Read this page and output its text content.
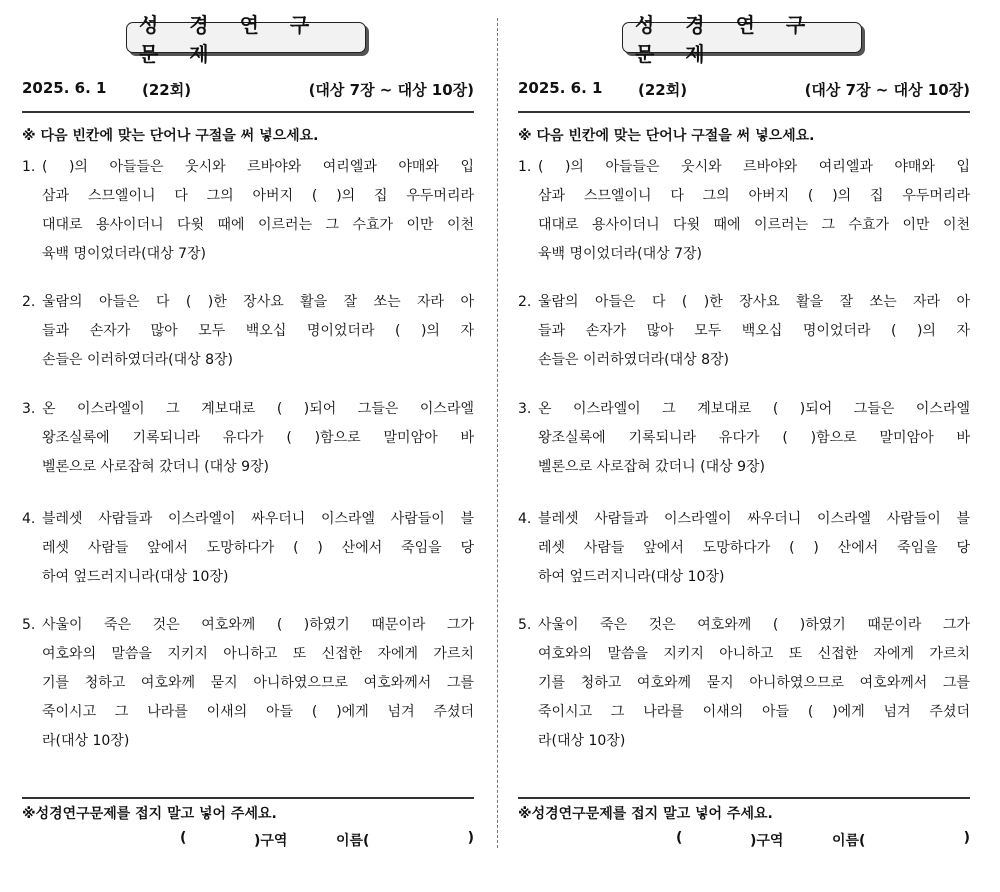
성 경 연 구 문 제
2025. 6. 1 (22회)	(대상 7장 ~ 대상 10장)
※ 다음 빈칸에 맞는 단어나 구절을 써 넣으세요.
1. ( )의 아들들은 웃시와 르바야와 여리엘과 야매와 입
삼과 스므엘이니 다 그의 아버지 ( )의 집 우두머리라
대대로 용사이더니 다윗 때에 이르러는 그 수효가 이만 이천
육백 명이었더라(대상 7장)
2. 울람의 아들은 다 ( )한 장사요 활을 잘 쏘는 자라 아
들과 손자가 많아 모두 백오십 명이었더라 ( )의 자
손들은 이러하였더라(대상 8장)
3. 온 이스라엘이 그 계보대로 ( )되어 그들은 이스라엘
왕조실록에 기록되니라 유다가 ( )함으로 말미암아 바
벨론으로 사로잡혀 갔더니 (대상 9장)
4. 블레셋 사람들과 이스라엘이 싸우더니 이스라엘 사람들이 블
레셋 사람들 앞에서 도망하다가 ( ) 산에서 죽임을 당
하여 엎드러지니라(대상 10장)
5. 사울이 죽은 것은 여호와께 ( )하였기 때문이라 그가
여호와의 말씀을 지키지 아니하고 또 신접한 자에게 가르치
기를 청하고 여호와께 묻지 아니하였으므로 여호와께서 그를
죽이시고 그 나라를 이새의 아들 ( )에게 넘겨 주셨더
라(대상 10장)
※성경연구문제를 접지 말고 넣어 주세요.
(	)구역	이름(	)
성 경 연 구 문 제
2025. 6. 1 (22회)	(대상 7장 ~ 대상 10장)
※ 다음 빈칸에 맞는 단어나 구절을 써 넣으세요.
1. ( )의 아들들은 웃시와 르바야와 여리엘과 야매와 입
삼과 스므엘이니 다 그의 아버지 ( )의 집 우두머리라
대대로 용사이더니 다윗 때에 이르러는 그 수효가 이만 이천
육백 명이었더라(대상 7장)
2. 울람의 아들은 다 ( )한 장사요 활을 잘 쏘는 자라 아
들과 손자가 많아 모두 백오십 명이었더라 ( )의 자
손들은 이러하였더라(대상 8장)
3. 온 이스라엘이 그 계보대로 ( )되어 그들은 이스라엘
왕조실록에 기록되니라 유다가 ( )함으로 말미암아 바
벨론으로 사로잡혀 갔더니 (대상 9장)
4. 블레셋 사람들과 이스라엘이 싸우더니 이스라엘 사람들이 블
레셋 사람들 앞에서 도망하다가 ( ) 산에서 죽임을 당
하여 엎드러지니라(대상 10장)
5. 사울이 죽은 것은 여호와께 ( )하였기 때문이라 그가
여호와의 말씀을 지키지 아니하고 또 신접한 자에게 가르치
기를 청하고 여호와께 묻지 아니하였으므로 여호와께서 그를
죽이시고 그 나라를 이새의 아들 ( )에게 넘겨 주셨더
라(대상 10장)
※성경연구문제를 접지 말고 넣어 주세요.
(	)구역	이름(	)
